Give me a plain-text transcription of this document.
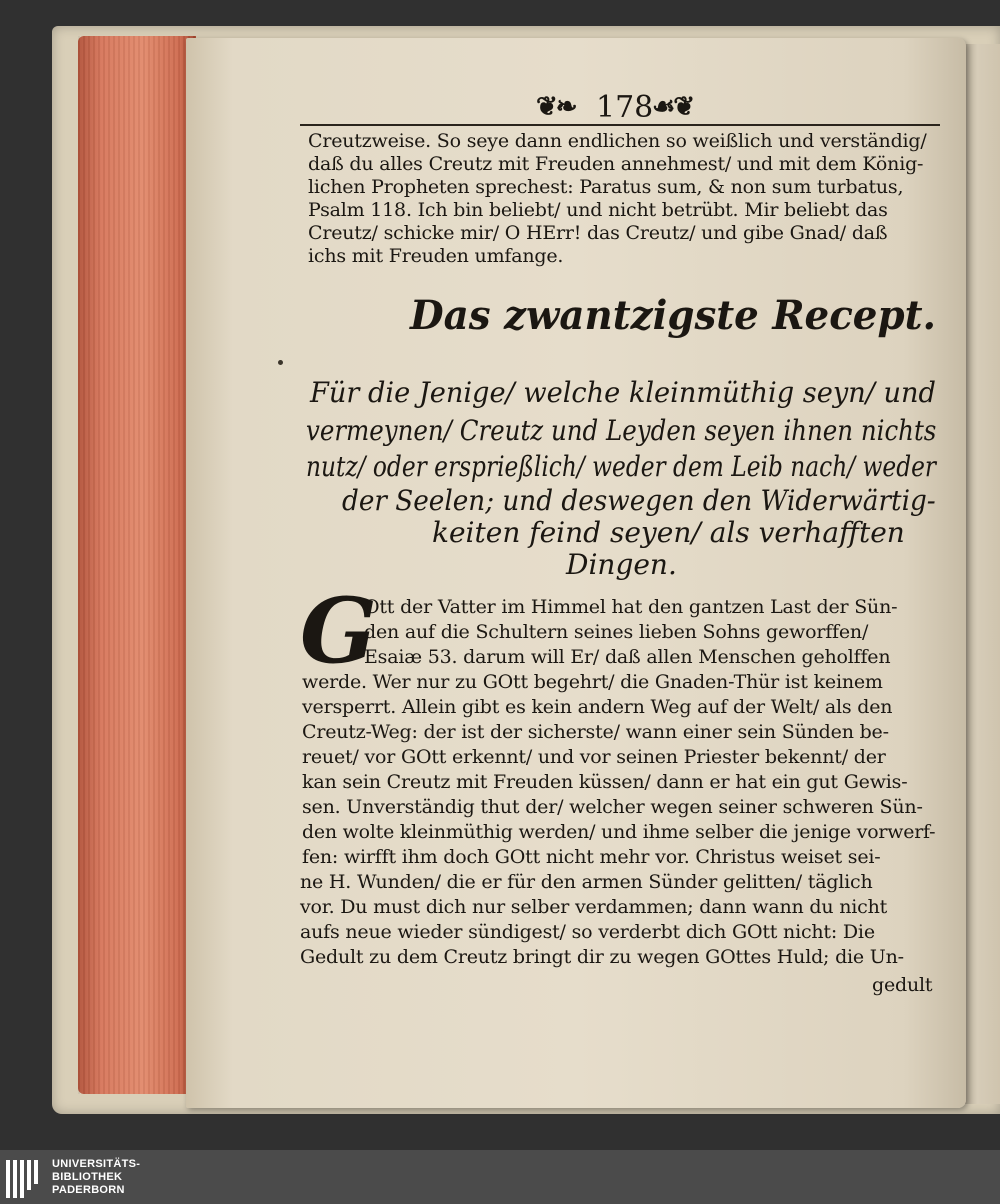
❦❧ 178
☙❦
Creutzweise. So seye dann endlichen so weißlich und verständig/
daß du alles Creutz mit Freuden annehmest/ und mit dem König-
lichen Propheten sprechest: Paratus sum, & non sum turbatus,
Psalm 118. Ich bin beliebt/ und nicht betrübt. Mir beliebt das
Creutz/ schicke mir/ O HErr! das Creutz/ und gibe Gnad/ daß
ichs mit Freuden umfange.
Das zwantzigste Recept.
Für die Jenige/ welche kleinmüthig seyn/ und
vermeynen/ Creutz und Leyden seyen ihnen nichts
nutz/ oder ersprießlich/ weder dem Leib nach/ weder
der Seelen; und deswegen den Widerwärtig-
keiten feind seyen/ als verhafften
Dingen.
G
Ott der Vatter im Himmel hat den gantzen Last der Sün-
den auf die Schultern seines lieben Sohns geworffen/
Esaiæ 53. darum will Er/ daß allen Menschen geholffen
werde. Wer nur zu GOtt begehrt/ die Gnaden-Thür ist keinem
versperrt. Allein gibt es kein andern Weg auf der Welt/ als den
Creutz-Weg: der ist der sicherste/ wann einer sein Sünden be-
reuet/ vor GOtt erkennt/ und vor seinen Priester bekennt/ der
kan sein Creutz mit Freuden küssen/ dann er hat ein gut Gewis-
sen. Unverständig thut der/ welcher wegen seiner schweren Sün-
den wolte kleinmüthig werden/ und ihme selber die jenige vorwerf-
fen: wirfft ihm doch GOtt nicht mehr vor. Christus weiset sei-
ne H. Wunden/ die er für den armen Sünder gelitten/ täglich
vor. Du must dich nur selber verdammen; dann wann du nicht
aufs neue wieder sündigest/ so verderbt dich GOtt nicht: Die
Gedult zu dem Creutz bringt dir zu wegen GOttes Huld; die Un-
gedult
UNIVERSITÄTS-
BIBLIOTHEK
PADERBORN
